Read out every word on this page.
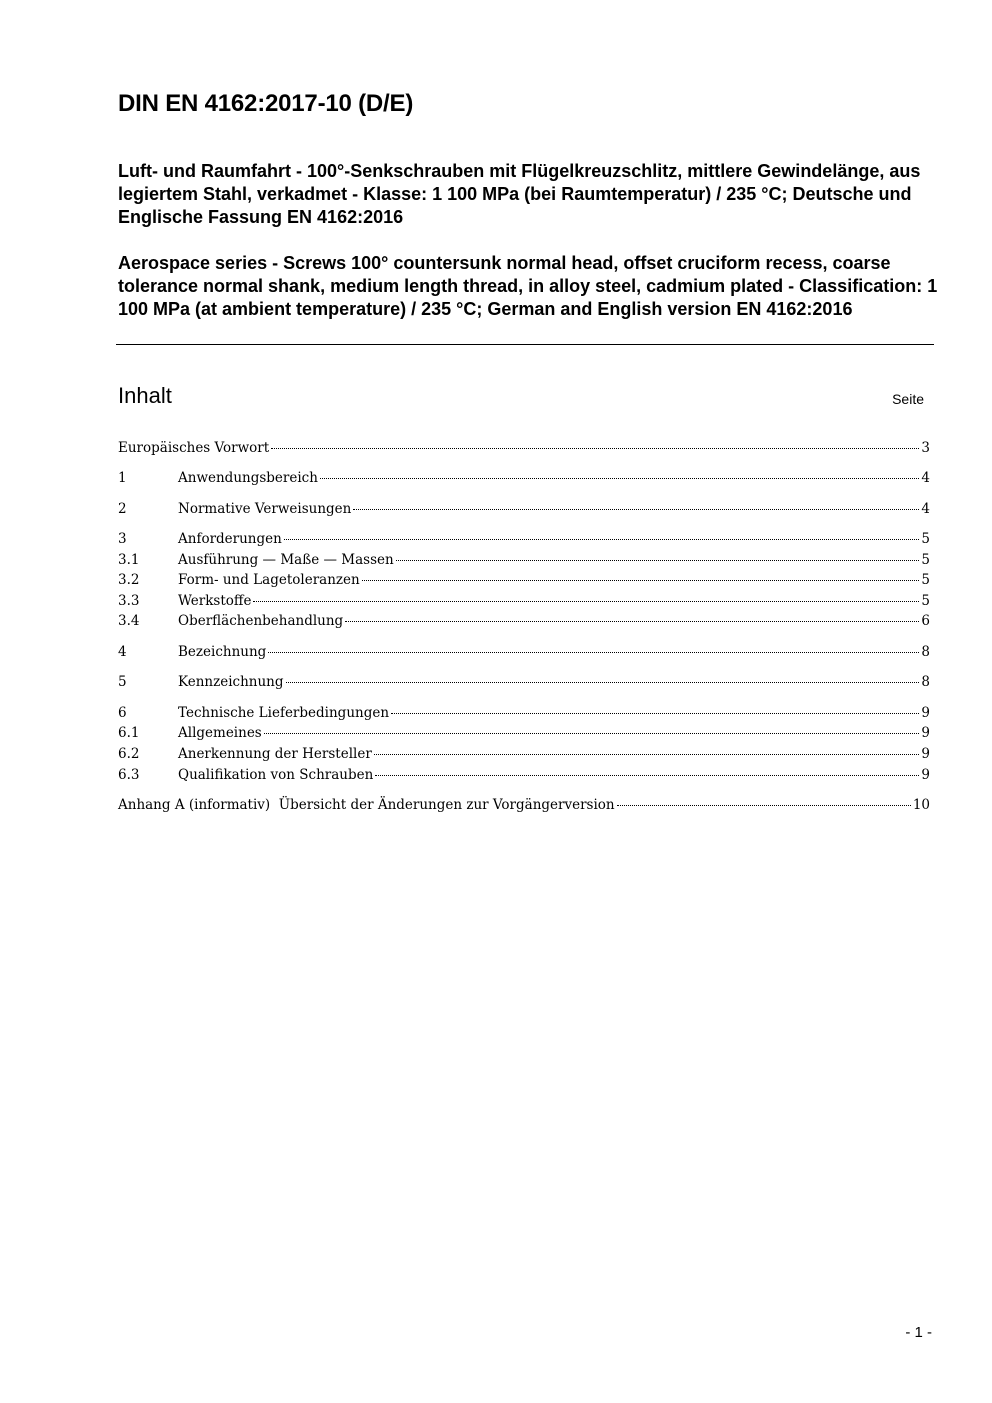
DIN EN 4162:2017-10 (D/E)
Luft- und Raumfahrt - 100°-Senkschrauben mit Flügelkreuzschlitz, mittlere Gewindelänge, aus legiertem Stahl, verkadmet - Klasse: 1 100 MPa (bei Raumtemperatur) / 235 °C; Deutsche und Englische Fassung EN 4162:2016
Aerospace series - Screws 100° countersunk normal head, offset cruciform recess, coarse tolerance normal shank, medium length thread, in alloy steel, cadmium plated - Classification: 1 100 MPa (at ambient temperature) / 235 °C; German and English version EN 4162:2016
Inhalt	Seite
Europäisches Vorwort	3
1	Anwendungsbereich	4
2	Normative Verweisungen	4
3	Anforderungen	5
3.1	Ausführung — Maße — Massen	5
3.2	Form- und Lagetoleranzen	5
3.3	Werkstoffe	5
3.4	Oberflächenbehandlung	6
4	Bezeichnung	8
5	Kennzeichnung	8
6	Technische Lieferbedingungen	9
6.1	Allgemeines	9
6.2	Anerkennung der Hersteller	9
6.3	Qualifikation von Schrauben	9
Anhang A (informativ)  Übersicht der Änderungen zur Vorgängerversion	10
- 1 -
